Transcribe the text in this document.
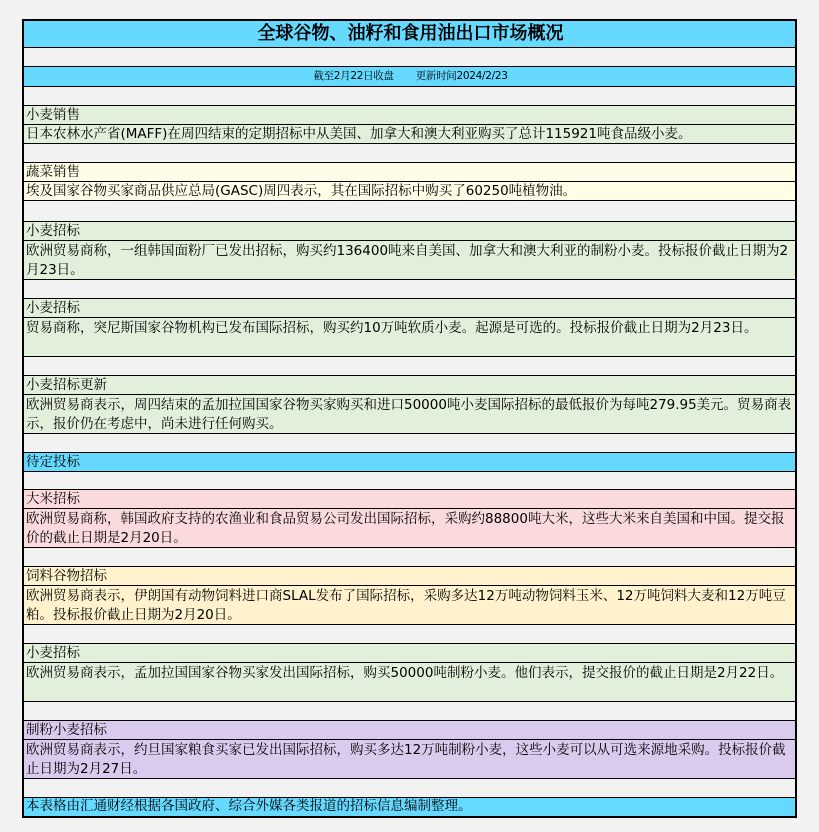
全球谷物、油籽和食用油出口市场概况
截至2月22日收盘 更新时间2024/2/23
小麦销售
日本农林水产省(MAFF)在周四结束的定期招标中从美国、加拿大和澳大利亚购买了总计115921吨食品级小麦。
蔬菜销售
埃及国家谷物买家商品供应总局(GASC)周四表示，其在国际招标中购买了60250吨植物油。
小麦招标
欧洲贸易商称，一组韩国面粉厂已发出招标，购买约136400吨来自美国、加拿大和澳大利亚的制粉小麦。投标报价截止日期为2月23日。
小麦招标
贸易商称，突尼斯国家谷物机构已发布国际招标，购买约10万吨软质小麦。起源是可选的。投标报价截止日期为2月23日。
小麦招标更新
欧洲贸易商表示，周四结束的孟加拉国国家谷物买家购买和进口50000吨小麦国际招标的最低报价为每吨279.95美元。贸易商表示，报价仍在考虑中，尚未进行任何购买。
待定投标
大米招标
欧洲贸易商称，韩国政府支持的农渔业和食品贸易公司发出国际招标，采购约88800吨大米，这些大米来自美国和中国。提交报价的截止日期是2月20日。
饲料谷物招标
欧洲贸易商表示，伊朗国有动物饲料进口商SLAL发布了国际招标，采购多达12万吨动物饲料玉米、12万吨饲料大麦和12万吨豆粕。投标报价截止日期为2月20日。
小麦招标
欧洲贸易商表示，孟加拉国国家谷物买家发出国际招标，购买50000吨制粉小麦。他们表示，提交报价的截止日期是2月22日。
制粉小麦招标
欧洲贸易商表示，约旦国家粮食买家已发出国际招标，购买多达12万吨制粉小麦，这些小麦可以从可选来源地采购。投标报价截止日期为2月27日。
本表格由汇通财经根据各国政府、综合外媒各类报道的招标信息编制整理。
